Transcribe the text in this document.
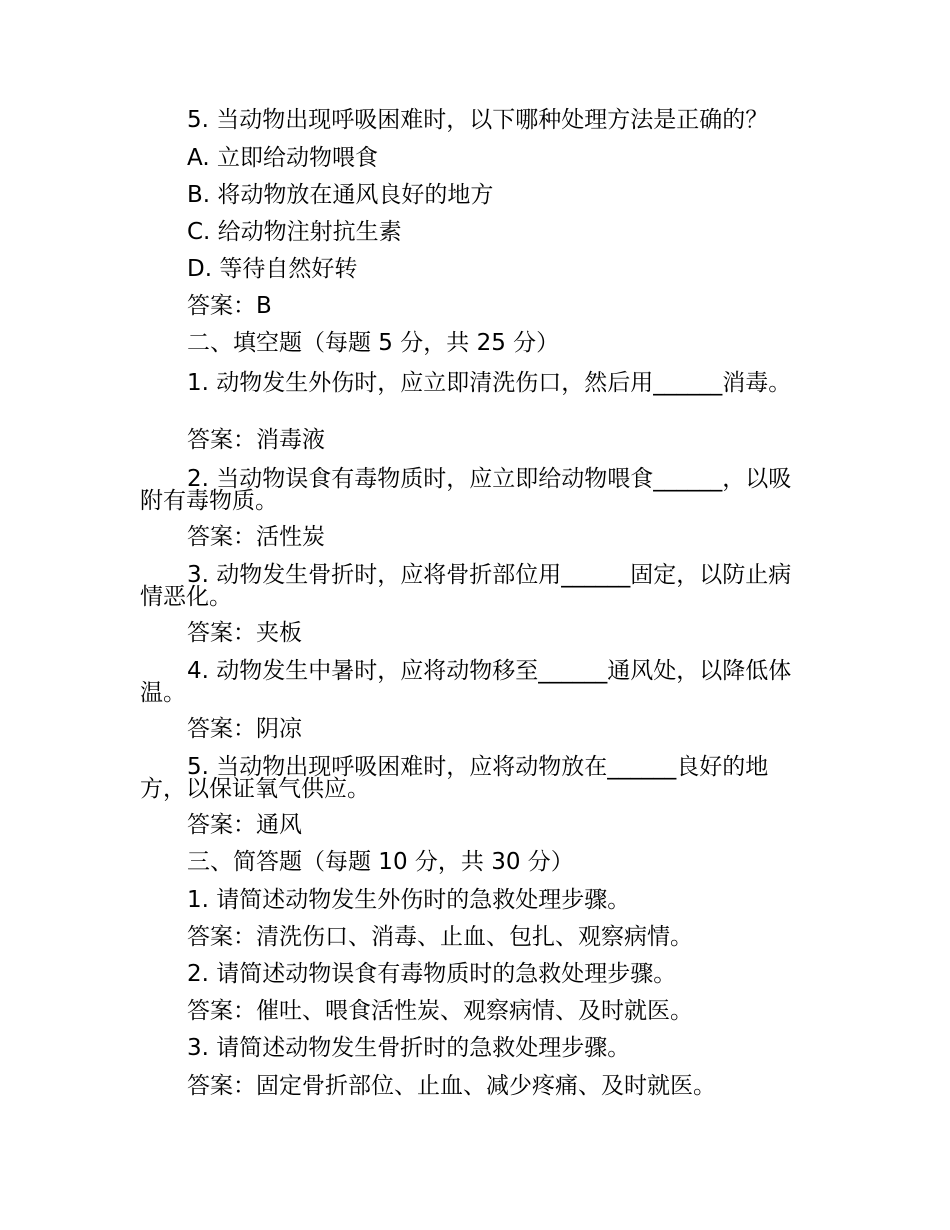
5. 当动物出现呼吸困难时，以下哪种处理方法是正确的？
A. 立即给动物喂食
B. 将动物放在通风良好的地方
C. 给动物注射抗生素
D. 等待自然好转
答案：B
二、填空题（每题 5 分，共 25 分）
1. 动物发生外伤时，应立即清洗伤口，然后用______消毒。
答案：消毒液
2. 当动物误食有毒物质时，应立即给动物喂食______，以吸附有毒物质。
答案：活性炭
3. 动物发生骨折时，应将骨折部位用______固定，以防止病情恶化。
答案：夹板
4. 动物发生中暑时，应将动物移至______通风处，以降低体温。
答案：阴凉
5. 当动物出现呼吸困难时，应将动物放在______良好的地方，以保证氧气供应。
答案：通风
三、简答题（每题 10 分，共 30 分）
1. 请简述动物发生外伤时的急救处理步骤。
答案：清洗伤口、消毒、止血、包扎、观察病情。
2. 请简述动物误食有毒物质时的急救处理步骤。
答案：催吐、喂食活性炭、观察病情、及时就医。
3. 请简述动物发生骨折时的急救处理步骤。
答案：固定骨折部位、止血、减少疼痛、及时就医。
